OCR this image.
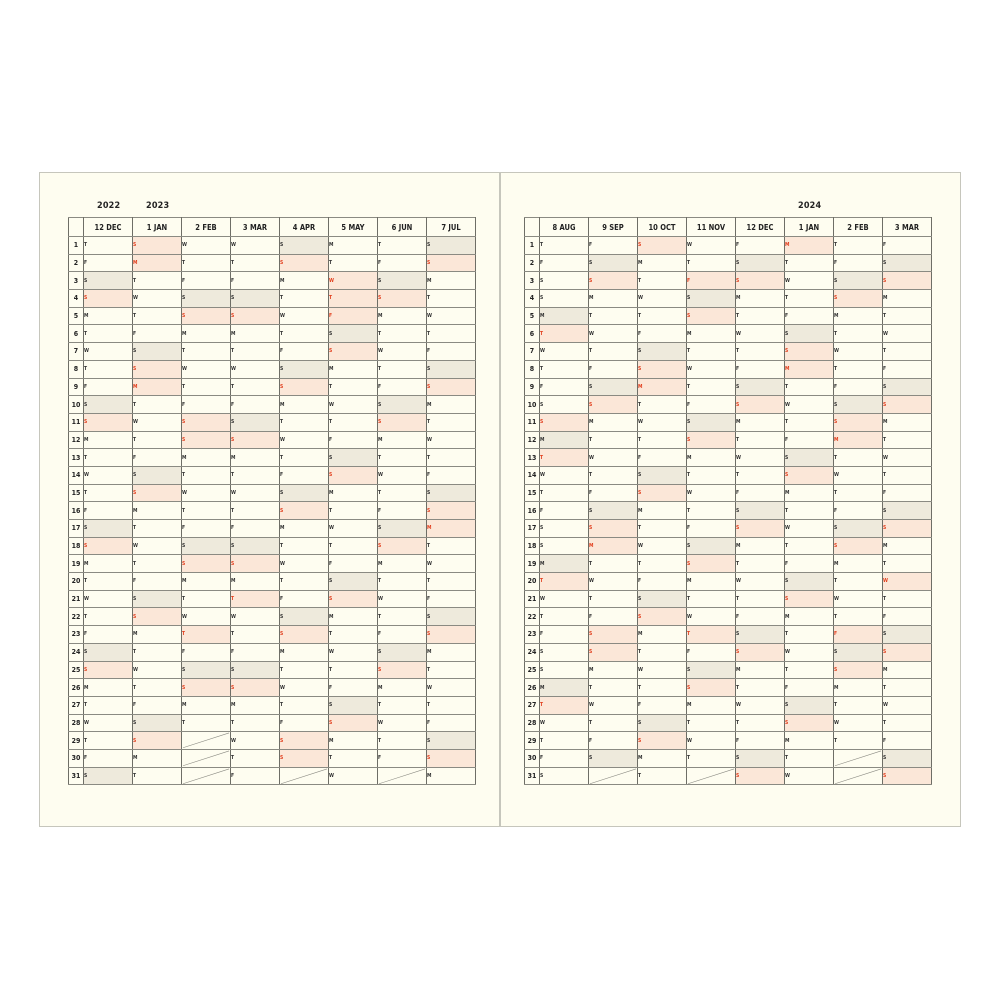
2022	2023	2024
	12 DEC	1 JAN	2 FEB	3 MAR	4 APR	5 MAY	6 JUN	7 JUL
1	T	S	W	W	S	M	T	S
2	F	M	T	T	S	T	F	S
3	S	T	F	F	M	W	S	M
4	S	W	S	S	T	T	S	T
5	M	T	S	S	W	F	M	W
6	T	F	M	M	T	S	T	T
7	W	S	T	T	F	S	W	F
8	T	S	W	W	S	M	T	S
9	F	M	T	T	S	T	F	S
10	S	T	F	F	M	W	S	M
11	S	W	S	S	T	T	S	T
12	M	T	S	S	W	F	M	W
13	T	F	M	M	T	S	T	T
14	W	S	T	T	F	S	W	F
15	T	S	W	W	S	M	T	S
16	F	M	T	T	S	T	F	S
17	S	T	F	F	M	W	S	M
18	S	W	S	S	T	T	S	T
19	M	T	S	S	W	F	M	W
20	T	F	M	M	T	S	T	T
21	W	S	T	T	F	S	W	F
22	T	S	W	W	S	M	T	S
23	F	M	T	T	S	T	F	S
24	S	T	F	F	M	W	S	M
25	S	W	S	S	T	T	S	T
26	M	T	S	S	W	F	M	W
27	T	F	M	M	T	S	T	T
28	W	S	T	T	F	S	W	F
29	T	S		W	S	M	T	S
30	F	M		T	S	T	F	S
31	S	T		F		W		M
	8 AUG	9 SEP	10 OCT	11 NOV	12 DEC	1 JAN	2 FEB	3 MAR
1	T	F	S	W	F	M	T	F
2	F	S	M	T	S	T	F	S
3	S	S	T	F	S	W	S	S
4	S	M	W	S	M	T	S	M
5	M	T	T	S	T	F	M	T
6	T	W	F	M	W	S	T	W
7	W	T	S	T	T	S	W	T
8	T	F	S	W	F	M	T	F
9	F	S	M	T	S	T	F	S
10	S	S	T	F	S	W	S	S
11	S	M	W	S	M	T	S	M
12	M	T	T	S	T	F	M	T
13	T	W	F	M	W	S	T	W
14	W	T	S	T	T	S	W	T
15	T	F	S	W	F	M	T	F
16	F	S	M	T	S	T	F	S
17	S	S	T	F	S	W	S	S
18	S	M	W	S	M	T	S	M
19	M	T	T	S	T	F	M	T
20	T	W	F	M	W	S	T	W
21	W	T	S	T	T	S	W	T
22	T	F	S	W	F	M	T	F
23	F	S	M	T	S	T	F	S
24	S	S	T	F	S	W	S	S
25	S	M	W	S	M	T	S	M
26	M	T	T	S	T	F	M	T
27	T	W	F	M	W	S	T	W
28	W	T	S	T	T	S	W	T
29	T	F	S	W	F	M	T	F
30	F	S	M	T	S	T		S
31	S		T		S	W		S
